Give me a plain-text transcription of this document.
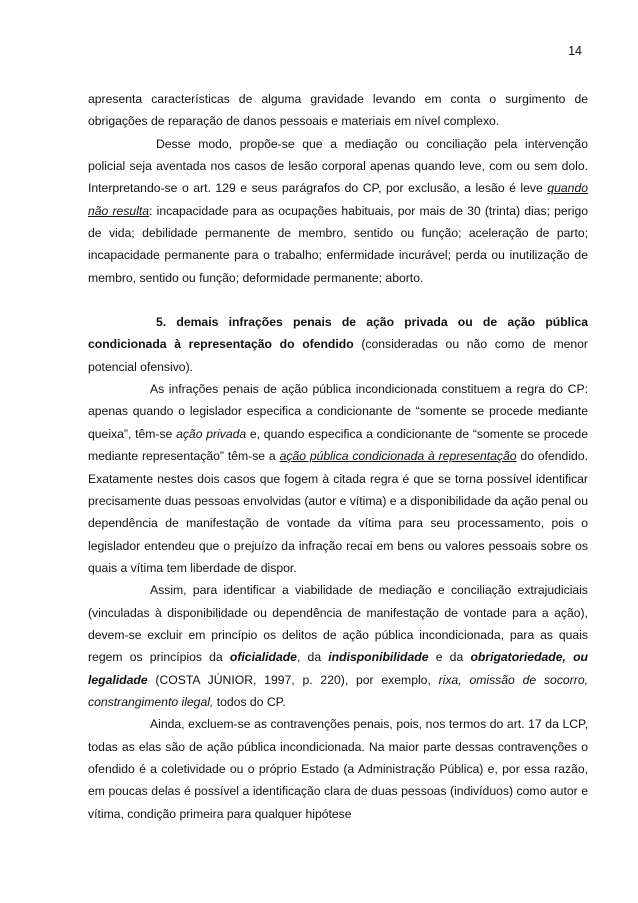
14

apresenta características de alguma gravidade levando em conta o surgimento de obrigações de reparação de danos pessoais e materiais em nível complexo.

Desse modo, propõe-se que a mediação ou conciliação pela intervenção policial seja aventada nos casos de lesão corporal apenas quando leve, com ou sem dolo. Interpretando-se o art. 129 e seus parágrafos do CP, por exclusão, a lesão é leve quando não resulta: incapacidade para as ocupações habituais, por mais de 30 (trinta) dias; perigo de vida; debilidade permanente de membro, sentido ou função; aceleração de parto; incapacidade permanente para o trabalho; enfermidade incurável; perda ou inutilização de membro, sentido ou função; deformidade permanente; aborto.

5. demais infrações penais de ação privada ou de ação pública condicionada à representação do ofendido (consideradas ou não como de menor potencial ofensivo).

As infrações penais de ação pública incondicionada constituem a regra do CP: apenas quando o legislador especifica a condicionante de “somente se procede mediante queixa”, têm-se ação privada e, quando especifica a condicionante de “somente se procede mediante representação” têm-se a ação pública condicionada à representação do ofendido. Exatamente nestes dois casos que fogem à citada regra é que se torna possível identificar precisamente duas pessoas envolvidas (autor e vítima) e a disponibilidade da ação penal ou dependência de manifestação de vontade da vítima para seu processamento, pois o legislador entendeu que o prejuízo da infração recai em bens ou valores pessoais sobre os quais a vítima tem liberdade de dispor.

Assim, para identificar a viabilidade de mediação e conciliação extrajudiciais (vinculadas à disponibilidade ou dependência de manifestação de vontade para a ação), devem-se excluir em princípio os delitos de ação pública incondicionada, para as quais regem os princípios da oficialidade, da indisponibilidade e da obrigatoriedade, ou legalidade (COSTA JÚNIOR, 1997, p. 220), por exemplo, rixa, omissão de socorro, constrangimento ilegal, todos do CP.

Ainda, excluem-se as contravenções penais, pois, nos termos do art. 17 da LCP, todas as elas são de ação pública incondicionada. Na maior parte dessas contravenções o ofendido é a coletividade ou o próprio Estado (a Administração Pública) e, por essa razão, em poucas delas é possível a identificação clara de duas pessoas (indivíduos) como autor e vítima, condição primeira para qualquer hipótese
